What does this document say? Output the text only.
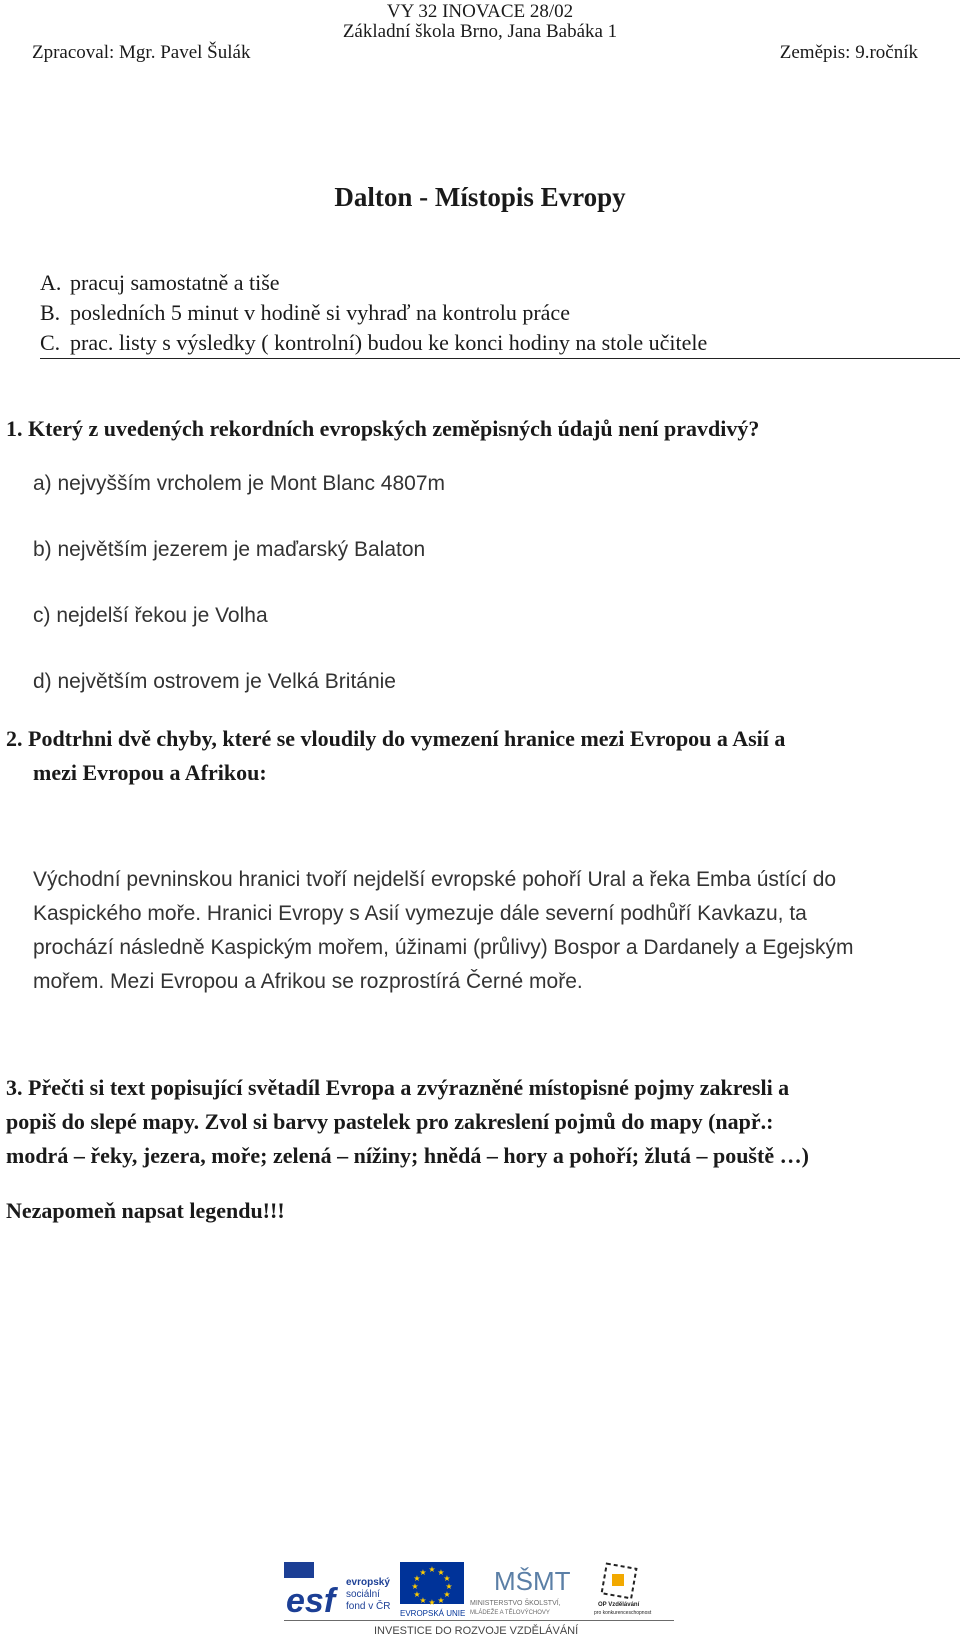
VY 32 INOVACE 28/02
Základní škola Brno, Jana Babáka 1
Zpracoval: Mgr. Pavel Šulák	Zeměpis: 9.ročník
Dalton - Místopis Evropy
A. pracuj samostatně a tiše
B. posledních 5 minut v hodině si vyhraď na kontrolu práce
C. prac. listy s výsledky ( kontrolní) budou ke konci hodiny na stole učitele
1. Který z uvedených rekordních evropských zeměpisných údajů není pravdivý?
a) nejvyšším vrcholem je Mont Blanc 4807m
b) největším jezerem je maďarský Balaton
c) nejdelší řekou je Volha
d) největším ostrovem je Velká Británie
2. Podtrhni dvě chyby, které se vloudily do vymezení hranice mezi Evropou a Asií a
mezi Evropou a Afrikou:
Východní pevninskou hranici tvoří nejdelší evropské pohoří Ural a řeka Emba ústící do
Kaspického moře. Hranici Evropy s Asií vymezuje dále severní podhůří Kavkazu, ta
prochází následně Kaspickým mořem, úžinami (průlivy) Bospor a Dardanely a Egejským
mořem. Mezi Evropou a Afrikou se rozprostírá Černé moře.
3. Přečti si text popisující světadíl Evropa a zvýrazněné místopisné pojmy zakresli a
popiš do slepé mapy. Zvol si barvy pastelek pro zakreslení pojmů do mapy (např.:
modrá – řeky, jezera, moře; zelená – nížiny; hnědá – hory a pohoří; žlutá – pouště …)
Nezapomeň napsat legendu!!!
esf	evropský
sociální
fond v ČR
★ ★
★
★
★
★
★
★
★
★
★
★
EVROPSKÁ UNIE
MŠMT
MINISTERSTVO ŠKOLSTVÍ,
MLÁDEŽE A TĚLOVÝCHOVY
OP Vzdělávání
pro konkurenceschopnost
INVESTICE DO ROZVOJE VZDĚLÁVÁNÍ
